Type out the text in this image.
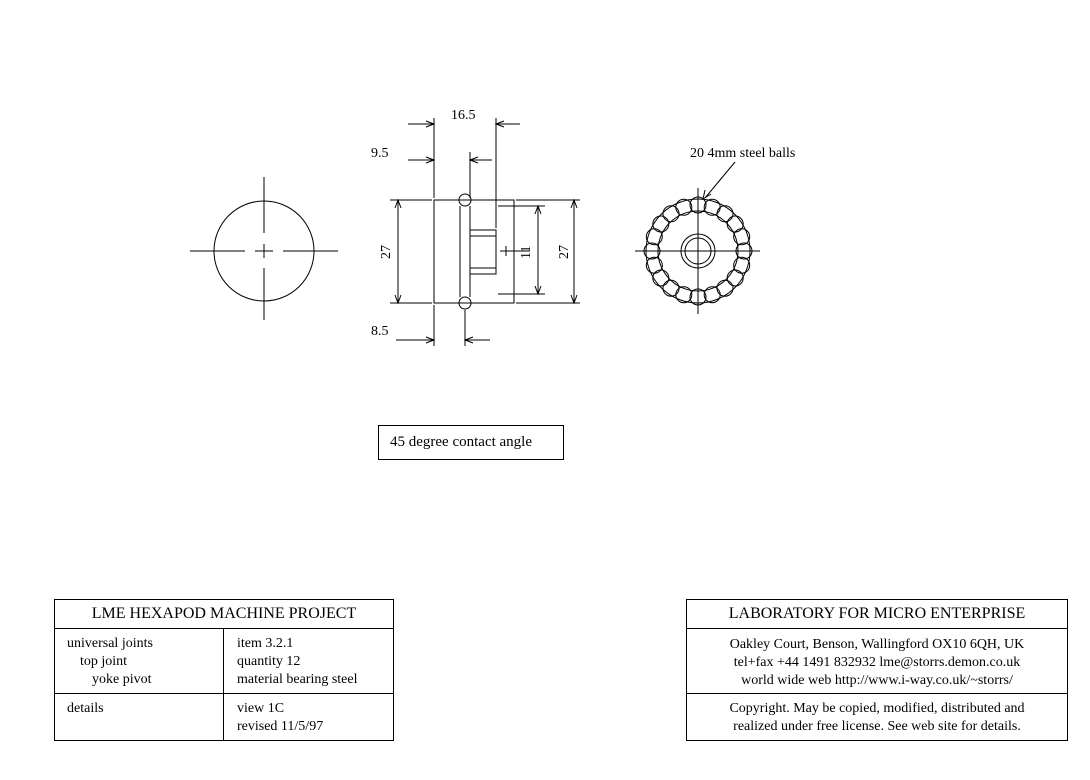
16.5
9.5
8.5
27	11 27
20 4mm steel balls
45 degree contact angle
LME HEXAPOD MACHINE PROJECT
universal joints
top joint
yoke pivot
item 3.2.1
quantity 12
material bearing steel
details	view 1C
revised 11/5/97
LABORATORY FOR MICRO ENTERPRISE
Oakley Court, Benson, Wallingford OX10 6QH, UK
tel+fax +44 1491 832932 lme@storrs.demon.co.uk
world wide web http://www.i-way.co.uk/~storrs/
Copyright. May be copied, modified, distributed and
realized under free license. See web site for details.
